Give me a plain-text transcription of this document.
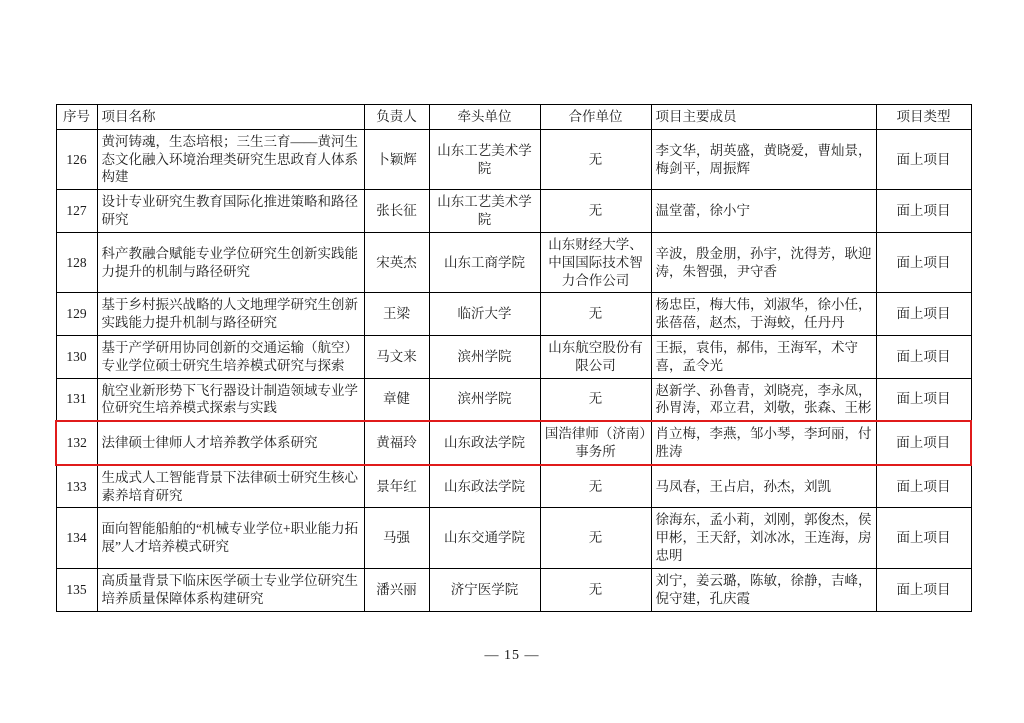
序号	项目名称	负责人	牵头单位	合作单位	项目主要成员	项目类型
126	黄河铸魂，生态培根；三生三育——黄河生态文化融入环境治理类研究生思政育人体系构建	卜颖辉	山东工艺美术学院	无	李文华，胡英盛，黄晓爱，曹灿景，梅剑平，周振辉	面上项目
127	设计专业研究生教育国际化推进策略和路径研究	张长征	山东工艺美术学院	无	温堂蕾，徐小宁	面上项目
128	科产教融合赋能专业学位研究生创新实践能力提升的机制与路径研究	宋英杰	山东工商学院	山东财经大学、中国国际技术智力合作公司	辛波，殷金朋，孙宇，沈得芳，耿迎涛，朱智强，尹守香	面上项目
129	基于乡村振兴战略的人文地理学研究生创新实践能力提升机制与路径研究	王梁	临沂大学	无	杨忠臣，梅大伟，刘淑华，徐小任，张蓓蓓，赵杰，于海蛟，任丹丹	面上项目
130	基于产学研用协同创新的交通运输（航空）专业学位硕士研究生培养模式研究与探索	马文来	滨州学院	山东航空股份有限公司	王振，袁伟，郝伟，王海军，术守喜，孟令光	面上项目
131	航空业新形势下飞行器设计制造领域专业学位研究生培养模式探索与实践	章健	滨州学院	无	赵新学、孙鲁青，刘晓亮，李永凤，孙胃涛，邓立君，刘敬，张森、王彬	面上项目
132	法律硕士律师人才培养教学体系研究	黄福玲	山东政法学院	国浩律师（济南）事务所	肖立梅，李燕，邹小琴，李珂丽，付胜涛	面上项目
133	生成式人工智能背景下法律硕士研究生核心素养培育研究	景年红	山东政法学院	无	马凤春，王占启，孙杰，刘凯	面上项目
134	面向智能船舶的“机械专业学位+职业能力拓展”人才培养模式研究	马强	山东交通学院	无	徐海东，孟小莉，刘刚，郭俊杰，侯甲彬，王天舒，刘冰冰，王连海，房忠明	面上项目
135	高质量背景下临床医学硕士专业学位研究生培养质量保障体系构建研究	潘兴丽	济宁医学院	无	刘宁，姜云璐，陈敏，徐静，吉峰，倪守建，孔庆霞	面上项目
— 15 —
